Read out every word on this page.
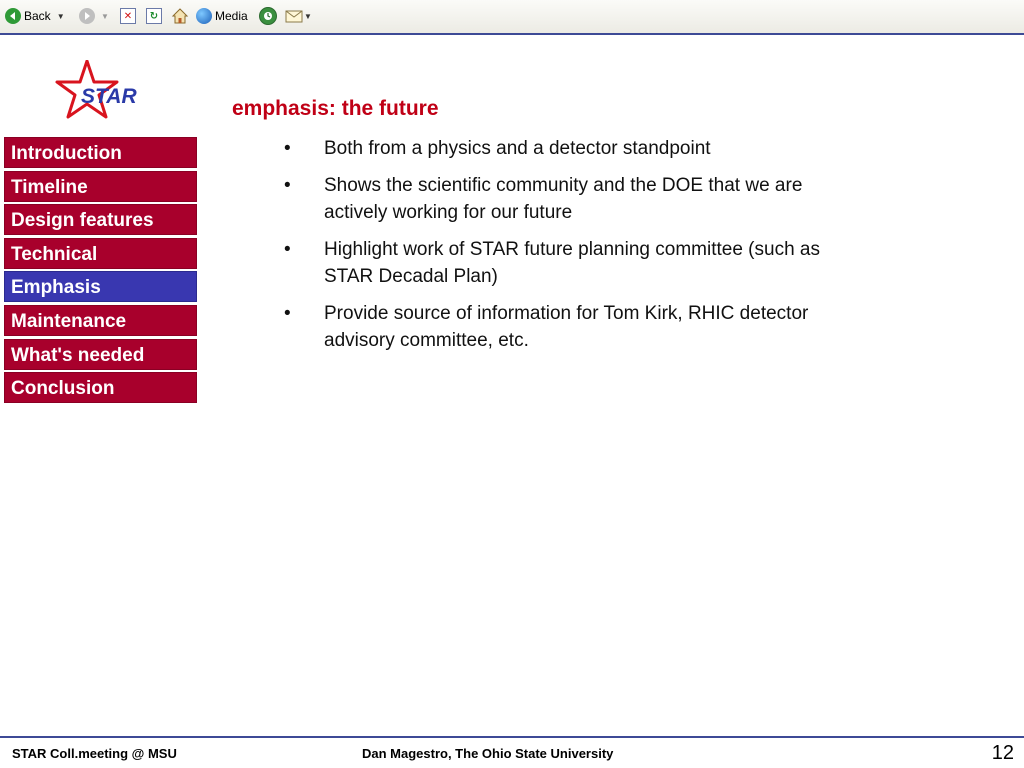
Back ▼	▼	✕	↻	Media	▼
STAR
emphasis: the future
Introduction
Timeline
Design features
Technical
Emphasis
Maintenance
What's needed
Conclusion
•	Both from a physics and a detector standpoint
•	Shows the scientific community and the DOE that we are actively working for our future
•	Highlight work of STAR future planning committee (such as STAR Decadal Plan)
•	Provide source of information for Tom Kirk, RHIC detector advisory committee, etc.
STAR Coll.meeting @ MSU	Dan Magestro, The Ohio State University	12
